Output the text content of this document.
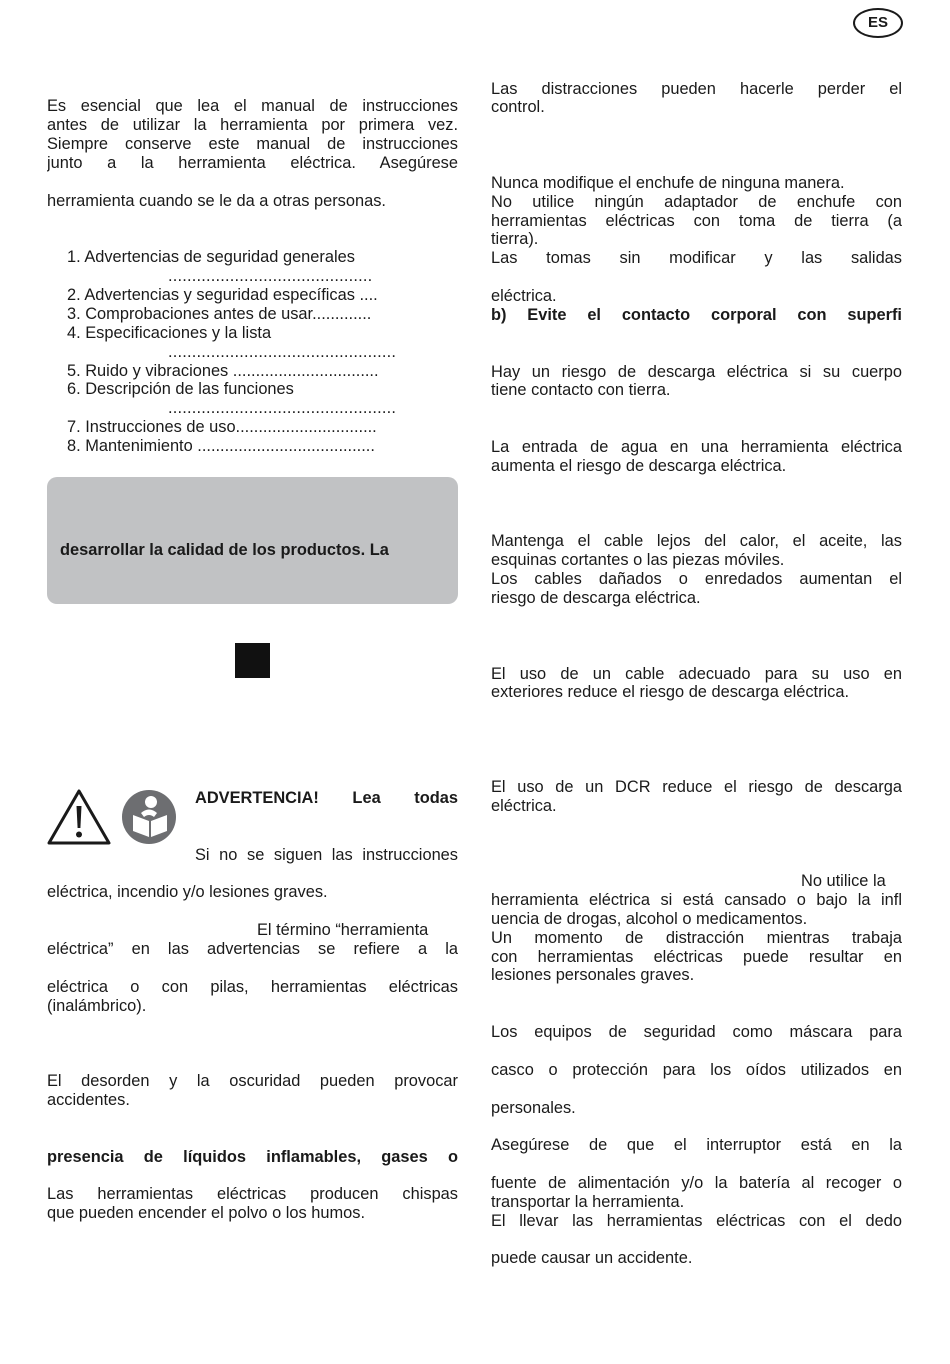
ES
Es esencial que lea el manual de instrucciones
antes de utilizar la herramienta por primera vez.
Siempre conserve este manual de instrucciones
junto a la herramienta eléctrica. Asegúrese
herramienta cuando se le da a otras personas.
1. Advertencias de seguridad generales
...........................................
2. Advertencias y seguridad específicas ....
3. Comprobaciones antes de usar.............
4. Especificaciones y la lista
................................................
5. Ruido y vibraciones ................................
6. Descripción de las funciones
................................................
7. Instrucciones de uso...............................
8. Mantenimiento .......................................
desarrollar la calidad de los productos. La
ADVERTENCIA! Lea todas
Si no se siguen las instrucciones
eléctrica, incendio y/o lesiones graves.
El término “herramienta
eléctrica” en las advertencias se refiere a la
eléctrica o con pilas, herramientas eléctricas
(inalámbrico).
El desorden y la oscuridad pueden provocar
accidentes.
presencia de líquidos inflamables, gases o
Las herramientas eléctricas producen chispas
que pueden encender el polvo o los humos.
Las distracciones pueden hacerle perder el
control.
Nunca modifique el enchufe de ninguna manera.
No utilice ningún adaptador de enchufe con
herramientas eléctricas con toma de tierra (a
tierra).
Las tomas sin modificar y las salidas
eléctrica.
b) Evite el contacto corporal con superfi
Hay un riesgo de descarga eléctrica si su cuerpo
tiene contacto con tierra.
La entrada de agua en una herramienta eléctrica
aumenta el riesgo de descarga eléctrica.
Mantenga el cable lejos del calor, el aceite, las
esquinas cortantes o las piezas móviles.
Los cables dañados o enredados aumentan el
riesgo de descarga eléctrica.
El uso de un cable adecuado para su uso en
exteriores reduce el riesgo de descarga eléctrica.
El uso de un DCR reduce el riesgo de descarga
eléctrica.
No utilice la
herramienta eléctrica si está cansado o bajo la infl
uencia de drogas, alcohol o medicamentos.
Un momento de distracción mientras trabaja
con herramientas eléctricas puede resultar en
lesiones personales graves.
Los equipos de seguridad como máscara para
casco o protección para los oídos utilizados en
personales.
Asegúrese de que el interruptor está en la
fuente de alimentación y/o la batería al recoger o
transportar la herramienta.
El llevar las herramientas eléctricas con el dedo
puede causar un accidente.
